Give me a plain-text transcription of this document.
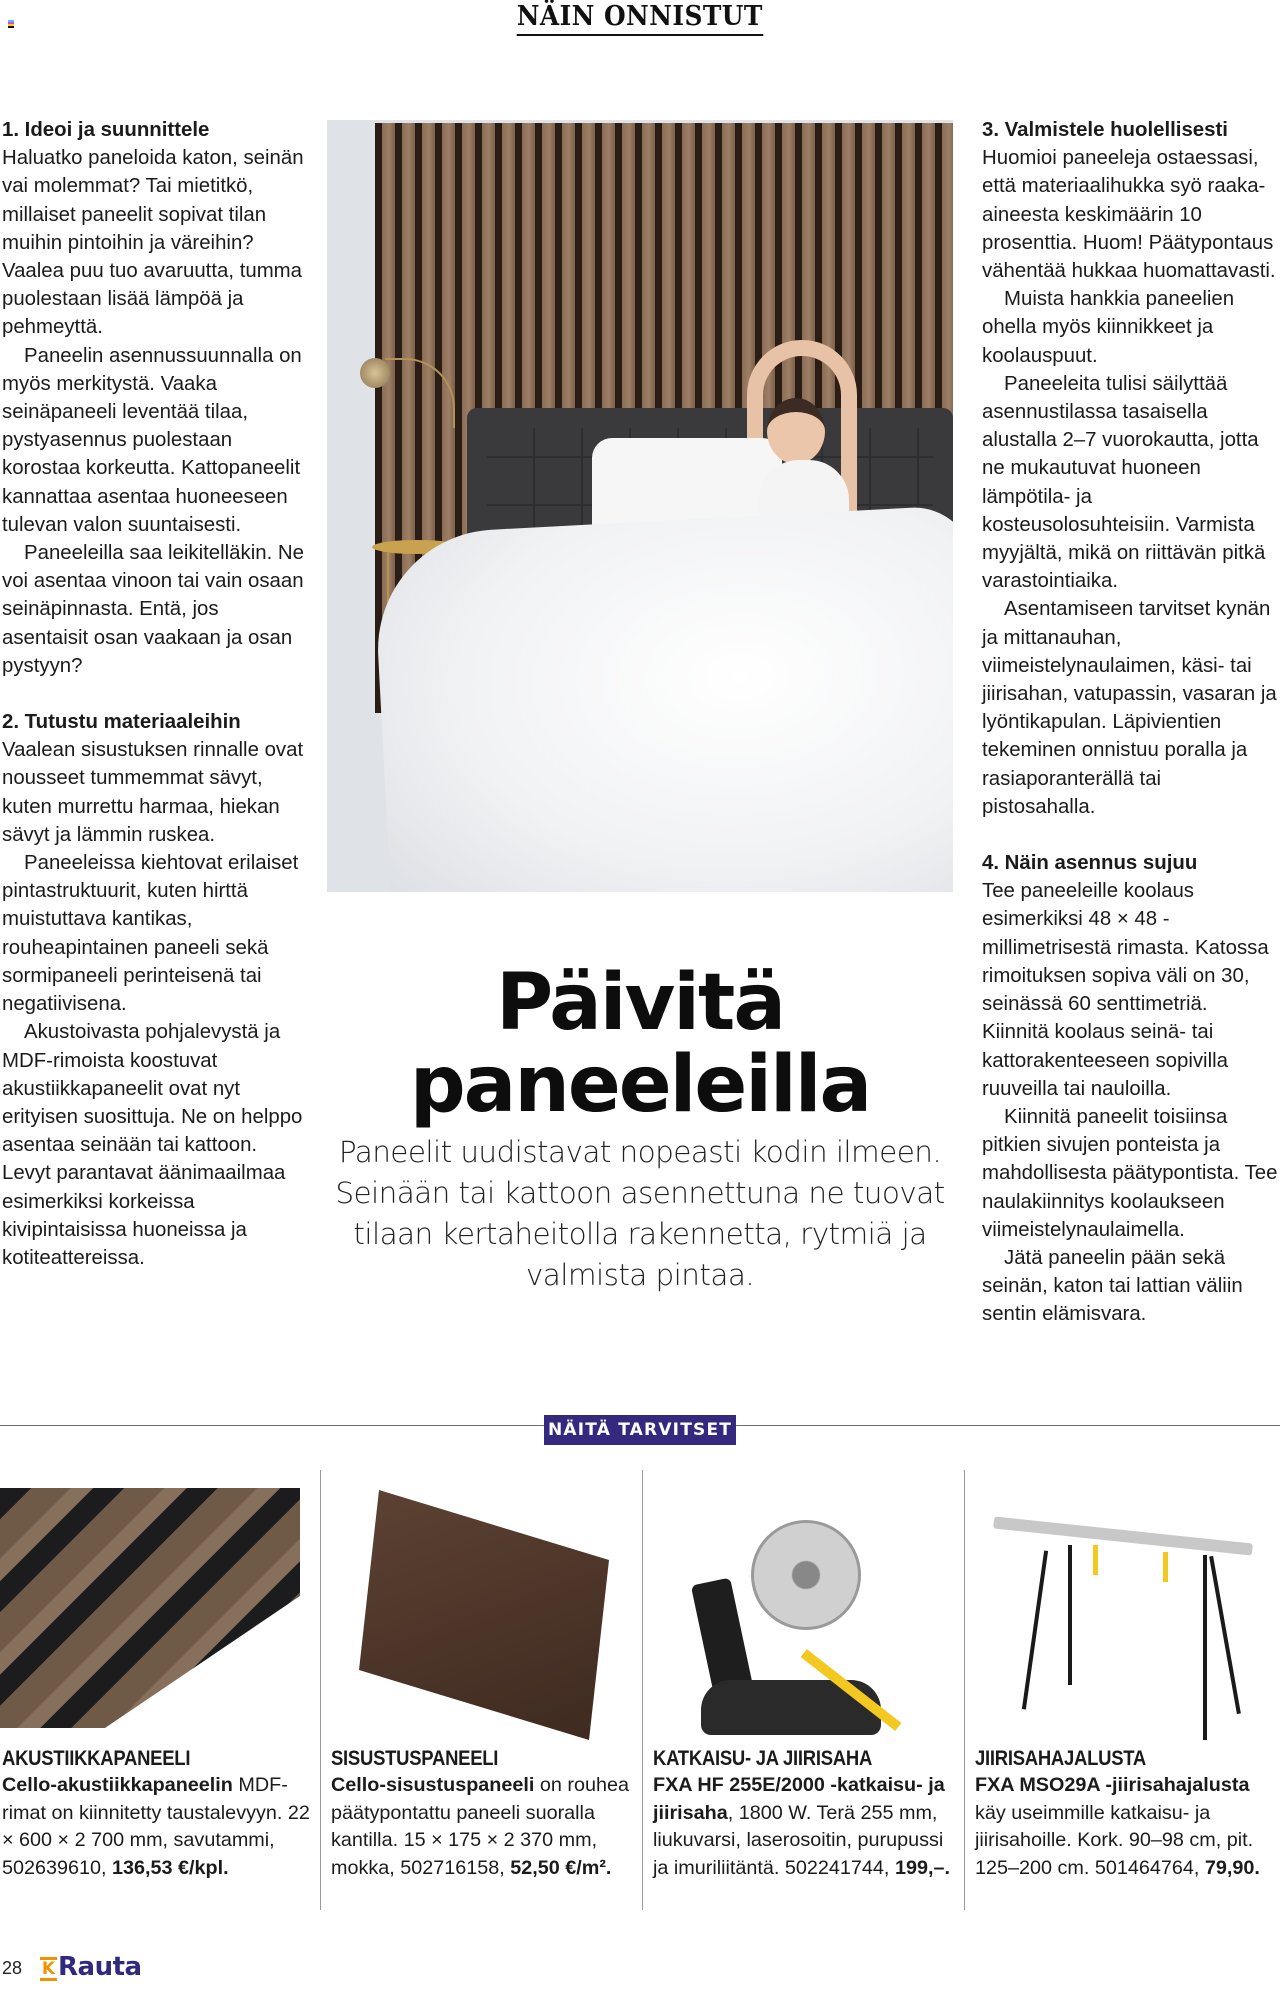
NÄIN ONNISTUT
1. Ideoi ja suunnittele

Haluatko paneloida katon, seinän vai molemmat? Tai mietitkö, millaiset paneelit sopivat tilan muihin pintoihin ja väreihin? Vaalea puu tuo avaruutta, tumma puolestaan lisää lämpöä ja pehmeyttä.

Paneelin asennussuunnalla on myös merkitystä. Vaaka seinäpaneeli leventää tilaa, pystyasennus puolestaan korostaa korkeutta. Kattopaneelit kannattaa asentaa huoneeseen tulevan valon suuntaisesti.

Paneeleilla saa leikitelläkin. Ne voi asentaa vinoon tai vain osaan seinäpinnasta. Entä, jos asentaisit osan vaakaan ja osan pystyyn?

2. Tutustu materiaaleihin

Vaalean sisustuksen rinnalle ovat nousseet tummemmat sävyt, kuten murrettu harmaa, hiekan sävyt ja lämmin ruskea.

Paneeleissa kiehtovat erilaiset pintastruktuurit, kuten hirttä muistuttava kantikas, rouheapintainen paneeli sekä sormipaneeli perinteisenä tai negatiivisena.

Akustoivasta pohjalevystä ja MDF-rimoista koostuvat akustiikkapaneelit ovat nyt erityisen suosittuja. Ne on helppo asentaa seinään tai kattoon. Levyt parantavat äänimaailmaa esimerkiksi korkeissa kivipintaisissa huoneissa ja kotiteattereissa.

Päivitä
paneeleilla

Paneelit uudistavat nopeasti kodin ilmeen. Seinään tai kattoon asennettuna ne tuovat tilaan kertaheitolla rakennetta, rytmiä ja valmista pintaa.

3. Valmistele huolellisesti

Huomioi paneeleja ostaessasi, että materiaalihukka syö raaka-aineesta keskimäärin 10 prosenttia. Huom! Päätypontaus vähentää hukkaa huomattavasti.

Muista hankkia paneelien ohella myös kiinnikkeet ja koolauspuut.

Paneeleita tulisi säilyttää asennustilassa tasaisella alustalla 2–7 vuorokautta, jotta ne mukautuvat huoneen lämpötila- ja kosteusolosuhteisiin. Varmista myyjältä, mikä on riittävän pitkä varastointiaika.

Asentamiseen tarvitset kynän ja mittanauhan, viimeistelynaulaimen, käsi- tai jiirisahan, vatupassin, vasaran ja lyöntikapulan. Läpivientien tekeminen onnistuu poralla ja rasiaporanterällä tai pistosahalla.

4. Näin asennus sujuu

Tee paneeleille koolaus esimerkiksi 48 × 48 -millimetrisestä rimasta. Katossa rimoituksen sopiva väli on 30, seinässä 60 senttimetriä. Kiinnitä koolaus seinä- tai kattorakenteeseen sopivilla ruuveilla tai nauloilla.

Kiinnitä paneelit toisiinsa pitkien sivujen ponteista ja mahdollisesta päätypontista. Tee naulakiinnitys koolaukseen viimeistelynaulaimella.

Jätä paneelin pään sekä seinän, katon tai lattian väliin sentin elämisvara.

NÄITÄ TARVITSET
AKUSTIIKKAPANEELI
Cello-akustiikkapaneelin MDF-rimat on kiinnitetty taustalevyyn. 22 × 600 × 2 700 mm, savutammi, 502639610, 136,53 €/kpl.
SISUSTUSPANEELI
Cello-sisustuspaneeli on rouhea päätypontattu paneeli suoralla kantilla. 15 × 175 × 2 370 mm, mokka, 502716158, 52,50 €/m².
KATKAISU- JA JIIRISAHA
FXA HF 255E/2000 -katkaisu- ja jiirisaha, 1800 W. Terä 255 mm, liukuvarsi, laserosoitin, purupussi ja imuriliitäntä. 502241744, 199,–.
JIIRISAHAJALUSTA
FXA MSO29A -jiirisahajalusta käy useimmille katkaisu- ja jiirisahoille. Kork. 90–98 cm, pit. 125–200 cm. 501464764, 79,90.
28 K Rauta
